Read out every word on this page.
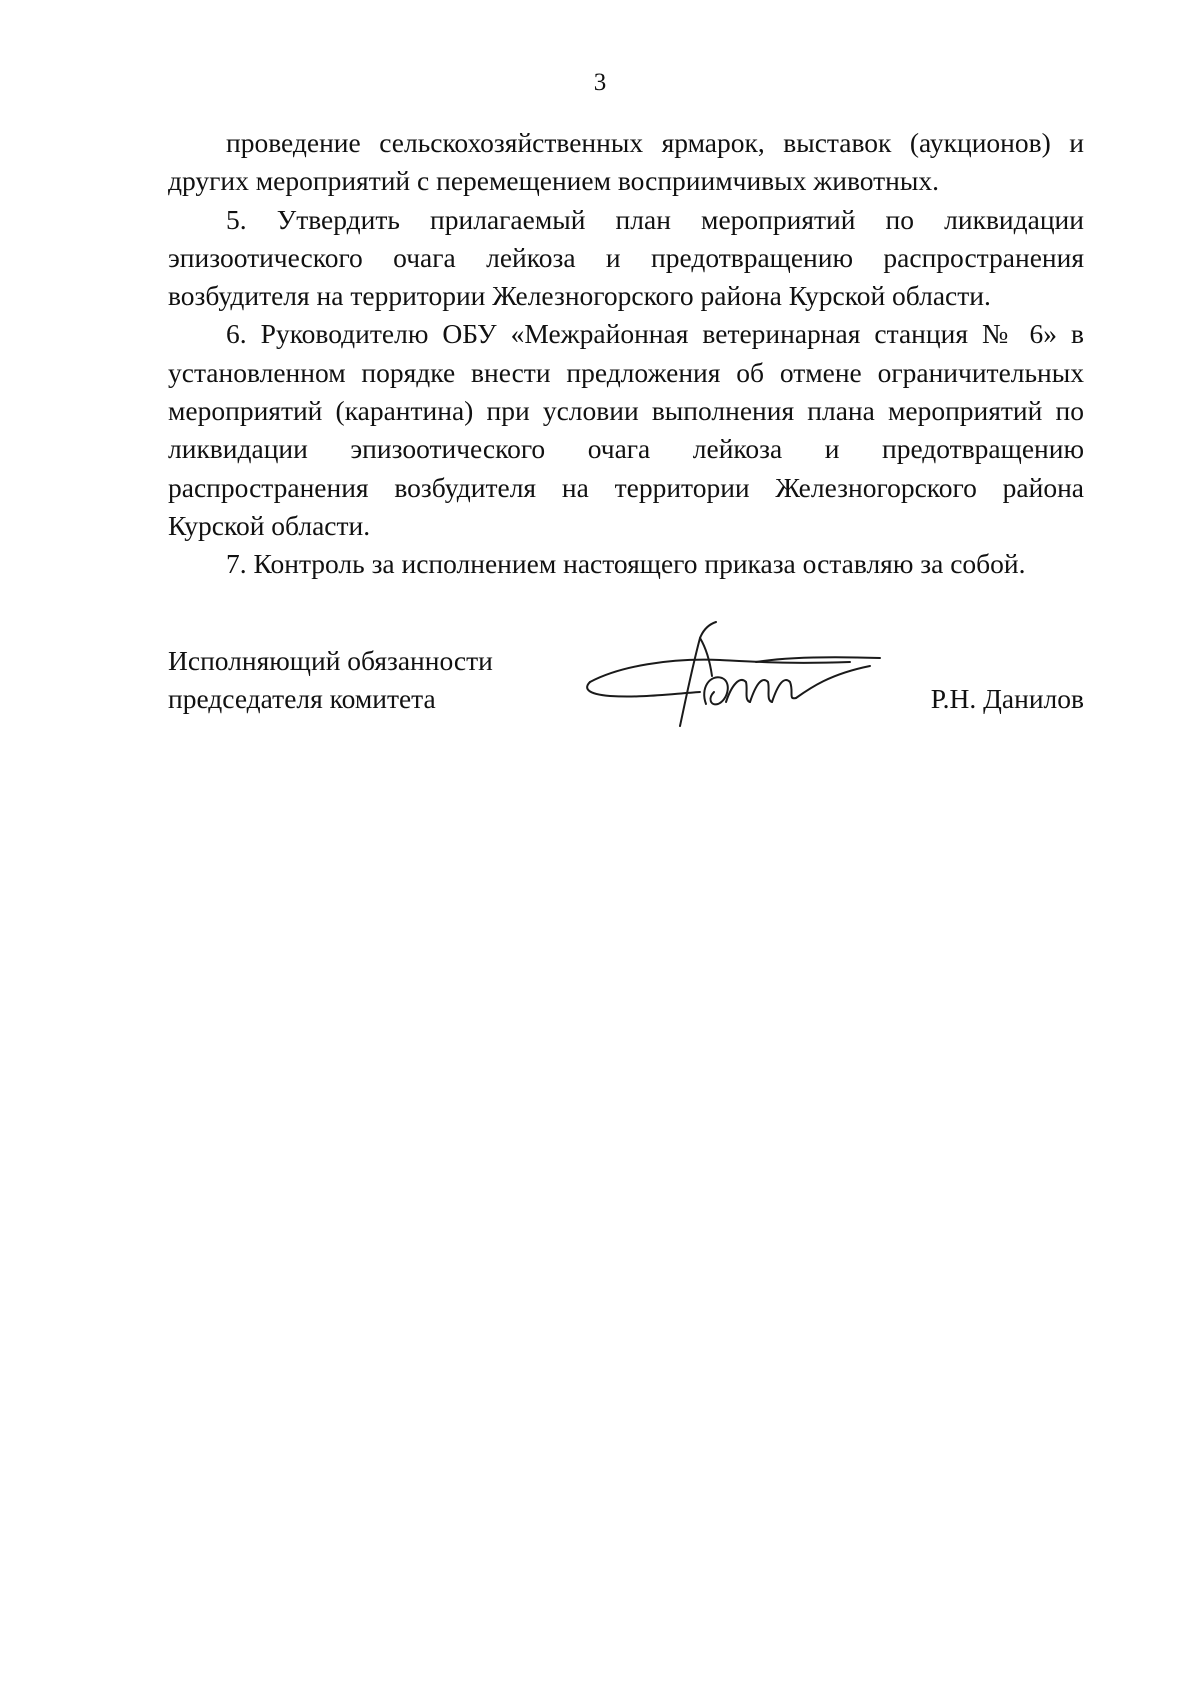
3

проведение сельскохозяйственных ярмарок, выставок (аукционов) и других мероприятий с перемещением восприимчивых животных.

5. Утвердить прилагаемый план мероприятий по ликвидации эпизоотического очага лейкоза и предотвращению распространения возбудителя на территории Железногорского района Курской области.

6. Руководителю ОБУ «Межрайонная ветеринарная станция № 6» в установленном порядке внести предложения об отмене ограничительных мероприятий (карантина) при условии выполнения плана мероприятий по ликвидации эпизоотического очага лейкоза и предотвращению распространения возбудителя на территории Железногорского района Курской области.

7. Контроль за исполнением настоящего приказа оставляю за собой.

Исполняющий обязанности
председателя комитета	Р.Н. Данилов
